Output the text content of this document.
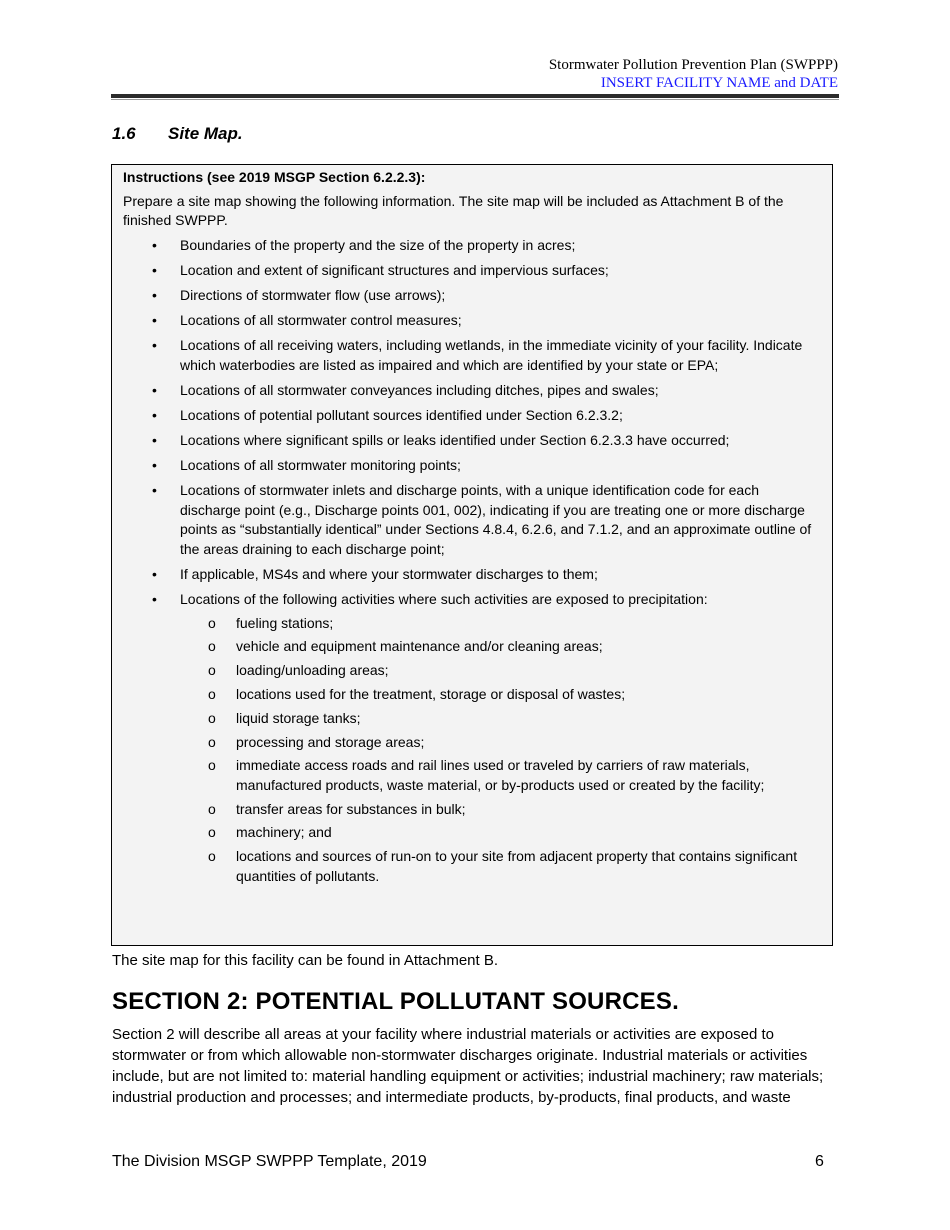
Stormwater Pollution Prevention Plan (SWPPP)
INSERT FACILITY NAME and DATE
1.6 Site Map.
Instructions (see 2019 MSGP Section 6.2.2.3):
Prepare a site map showing the following information. The site map will be included as Attachment B of the finished SWPPP.
• Boundaries of the property and the size of the property in acres;
• Location and extent of significant structures and impervious surfaces;
• Directions of stormwater flow (use arrows);
• Locations of all stormwater control measures;
• Locations of all receiving waters, including wetlands, in the immediate vicinity of your facility. Indicate which waterbodies are listed as impaired and which are identified by your state or EPA;
• Locations of all stormwater conveyances including ditches, pipes and swales;
• Locations of potential pollutant sources identified under Section 6.2.3.2;
• Locations where significant spills or leaks identified under Section 6.2.3.3 have occurred;
• Locations of all stormwater monitoring points;
• Locations of stormwater inlets and discharge points, with a unique identification code for each discharge point (e.g., Discharge points 001, 002), indicating if you are treating one or more discharge points as “substantially identical” under Sections 4.8.4, 6.2.6, and 7.1.2, and an approximate outline of the areas draining to each discharge point;
• If applicable, MS4s and where your stormwater discharges to them;
• Locations of the following activities where such activities are exposed to precipitation:
o fueling stations;
o vehicle and equipment maintenance and/or cleaning areas;
o loading/unloading areas;
o locations used for the treatment, storage or disposal of wastes;
o liquid storage tanks;
o processing and storage areas;
o immediate access roads and rail lines used or traveled by carriers of raw materials, manufactured products, waste material, or by-products used or created by the facility;
o transfer areas for substances in bulk;
o machinery; and
o locations and sources of run-on to your site from adjacent property that contains significant quantities of pollutants.
The site map for this facility can be found in Attachment B.
SECTION 2: POTENTIAL POLLUTANT SOURCES.
Section 2 will describe all areas at your facility where industrial materials or activities are exposed to stormwater or from which allowable non-stormwater discharges originate. Industrial materials or activities include, but are not limited to: material handling equipment or activities; industrial machinery; raw materials; industrial production and processes; and intermediate products, by-products, final products, and waste
The Division MSGP SWPPP Template, 2019	6
